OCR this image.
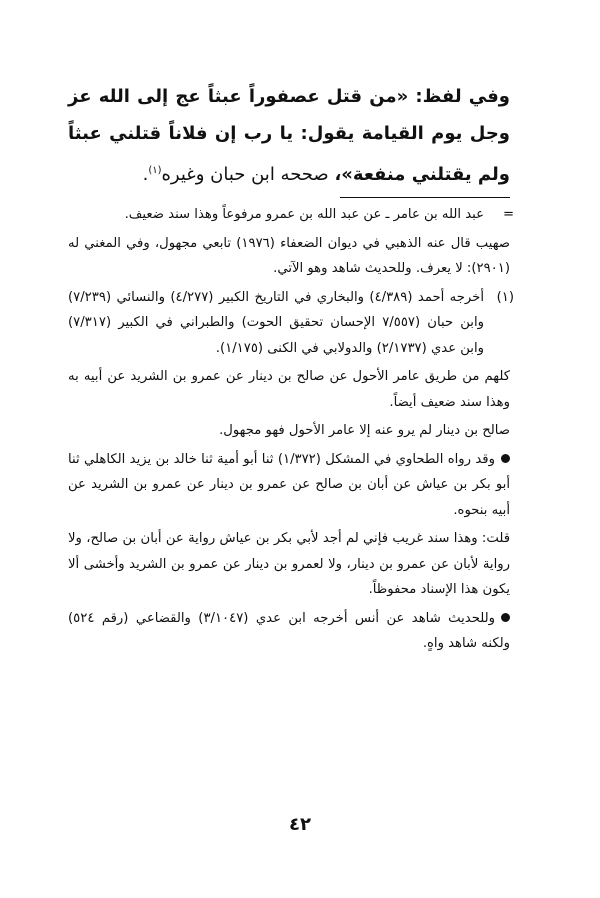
وفي لفظ: «من قتل عصفوراً عبثاً عج إلى الله عز وجل يوم القيامة يقول: يا رب إن فلاناً قتلني عبثاً ولم يقتلني منفعة»، صححه ابن حبان وغيره$^{(١)}$.

=
عبد الله بن عامر ـ عن عبد الله بن عمرو مرفوعاً وهذا سند ضعيف.

صهيب قال عنه الذهبي في ديوان الضعفاء (١٩٧٦) تابعي مجهول، وفي المغني له (٢٩٠١): لا يعرف. وللحديث شاهد وهو الآتي.

(١)
أخرجه أحمد (٤/٣٨٩) والبخاري في التاريخ الكبير (٤/٢٧٧) والنسائي (٧/٢٣٩) وابن حبان (٧/٥٥٧ الإحسان تحقيق الحوت) والطبراني في الكبير (٧/٣١٧) وابن عدي (٢/١٧٣٧) والدولابي في الكنى (١/١٧٥).

كلهم من طريق عامر الأحول عن صالح بن دينار عن عمرو بن الشريد عن أبيه به وهذا سند ضعيف أيضاً.

صالح بن دينار لم يرو عنه إلا عامر الأحول فهو مجهول.

وقد رواه الطحاوي في المشكل (١/٣٧٢) ثنا أبو أمية ثنا خالد بن يزيد الكاهلي ثنا أبو بكر بن عياش عن أبان بن صالح عن عمرو بن دينار عن عمرو بن الشريد عن أبيه بنحوه.

قلت: وهذا سند غريب فإني لم أجد لأبي بكر بن عياش رواية عن أبان بن صالح، ولا رواية لأبان عن عمرو بن دينار، ولا لعمرو بن دينار عن عمرو بن الشريد وأخشى ألا يكون هذا الإسناد محفوظاً.

وللحديث شاهد عن أنس أخرجه ابن عدي (٣/١٠٤٧) والقضاعي (رقم ٥٢٤) ولكنه شاهد واهٍ.

٤٢
